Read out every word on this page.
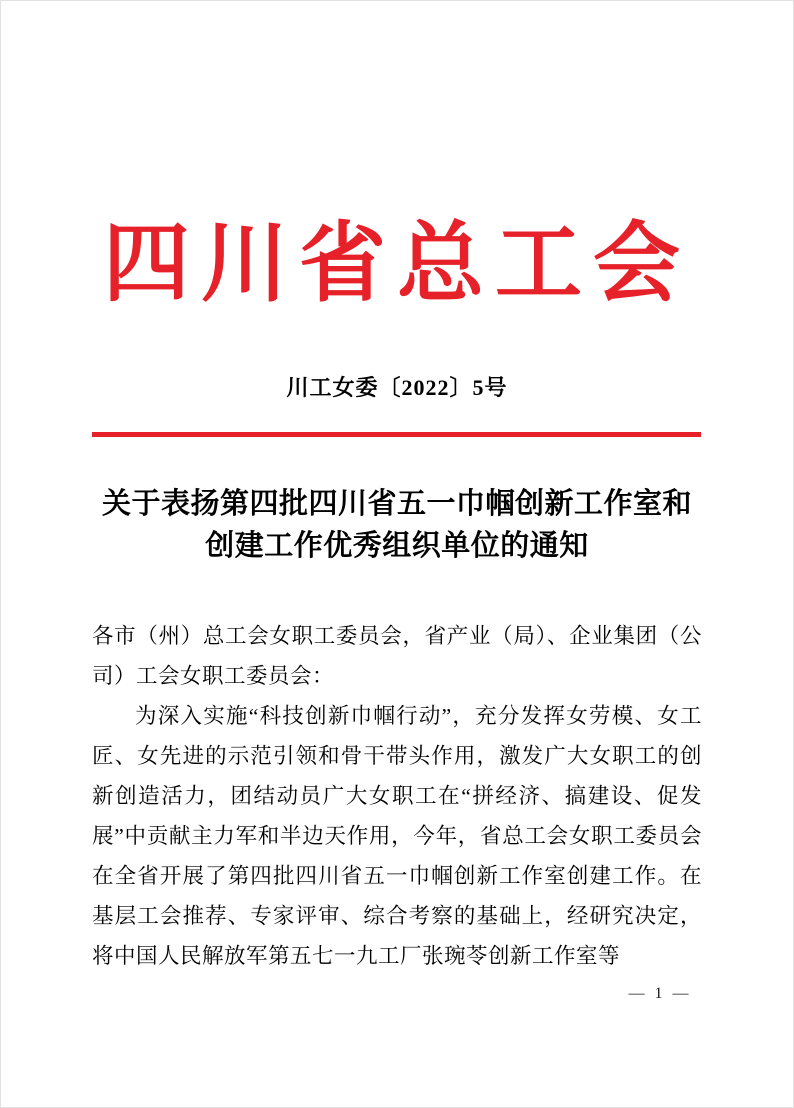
四川省总工会
川工女委〔2022〕5号
关于表扬第四批四川省五一巾帼创新工作室和
创建工作优秀组织单位的通知

各市（州）总工会女职工委员会，省产业（局）、企业集团（公司）工会女职工委员会：

为深入实施“科技创新巾帼行动”，充分发挥女劳模、女工匠、女先进的示范引领和骨干带头作用，激发广大女职工的创新创造活力，团结动员广大女职工在“拼经济、搞建设、促发展”中贡献主力军和半边天作用，今年，省总工会女职工委员会在全省开展了第四批四川省五一巾帼创新工作室创建工作。在基层工会推荐、专家评审、综合考察的基础上，经研究决定，将中国人民解放军第五七一九工厂张琬苓创新工作室等

— 1 —
